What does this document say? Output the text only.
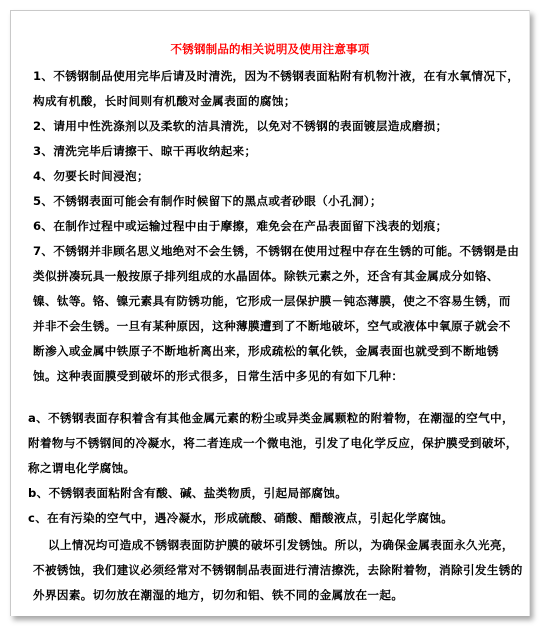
不锈钢制品的相关说明及使用注意事项
1、不锈钢制品使用完毕后请及时清洗，因为不锈钢表面粘附有机物汁液，在有水氧情况下，构成有机酸，长时间则有机酸对金属表面的腐蚀；
2、请用中性洗涤剂以及柔软的洁具清洗，以免对不锈钢的表面镀层造成磨损；
3、清洗完毕后请擦干、晾干再收纳起来；
4、勿要长时间浸泡；
5、不锈钢表面可能会有制作时候留下的黑点或者砂眼（小孔洞）；
6、在制作过程中或运输过程中由于摩擦，难免会在产品表面留下浅表的划痕；
7、不锈钢并非顾名思义地绝对不会生锈，不锈钢在使用过程中存在生锈的可能。不锈钢是由类似拼凑玩具一般按原子排列组成的水晶固体。除铁元素之外，还含有其金属成分如铬、镍、钛等。铬、镍元素具有防锈功能，它形成一层保护膜－钝态薄膜，使之不容易生锈，而并非不会生锈。一旦有某种原因，这种薄膜遭到了不断地破坏，空气或液体中氧原子就会不断渗入或金属中铁原子不断地析离出来，形成疏松的氧化铁，金属表面也就受到不断地锈蚀。这种表面膜受到破坏的形式很多，日常生活中多见的有如下几种：
a、不锈钢表面存积着含有其他金属元素的粉尘或异类金属颗粒的附着物，在潮湿的空气中，附着物与不锈钢间的冷凝水，将二者连成一个微电池，引发了电化学反应，保护膜受到破坏，称之谓电化学腐蚀。
b、不锈钢表面粘附含有酸、碱、盐类物质，引起局部腐蚀。
c、在有污染的空气中，遇冷凝水，形成硫酸、硝酸、醋酸液点，引起化学腐蚀。
以上情况均可造成不锈钢表面防护膜的破坏引发锈蚀。所以，为确保金属表面永久光亮，不被锈蚀，我们建议必须经常对不锈钢制品表面进行清洁擦洗，去除附着物，消除引发生锈的外界因素。切勿放在潮湿的地方，切勿和铝、铁不同的金属放在一起。
